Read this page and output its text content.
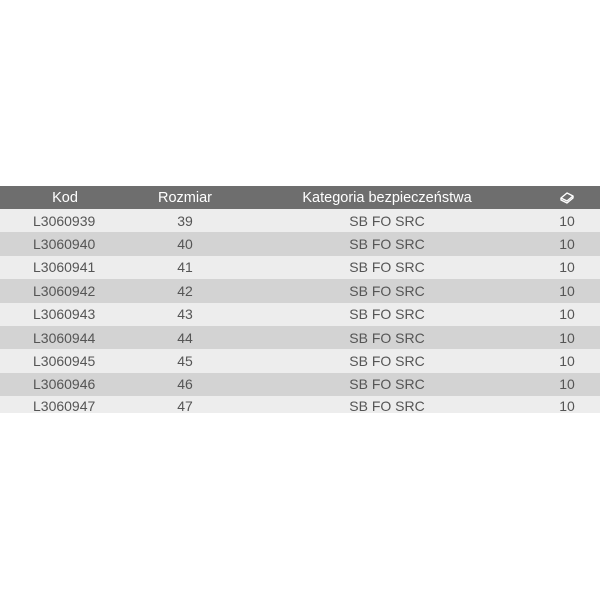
Kod	Rozmiar	Kategoria bezpieczeństwa
L3060939	39	SB FO SRC	10
L3060940	40	SB FO SRC	10
L3060941	41	SB FO SRC	10
L3060942	42	SB FO SRC	10
L3060943	43	SB FO SRC	10
L3060944	44	SB FO SRC	10
L3060945	45	SB FO SRC	10
L3060946	46	SB FO SRC	10
L3060947	47	SB FO SRC	10
